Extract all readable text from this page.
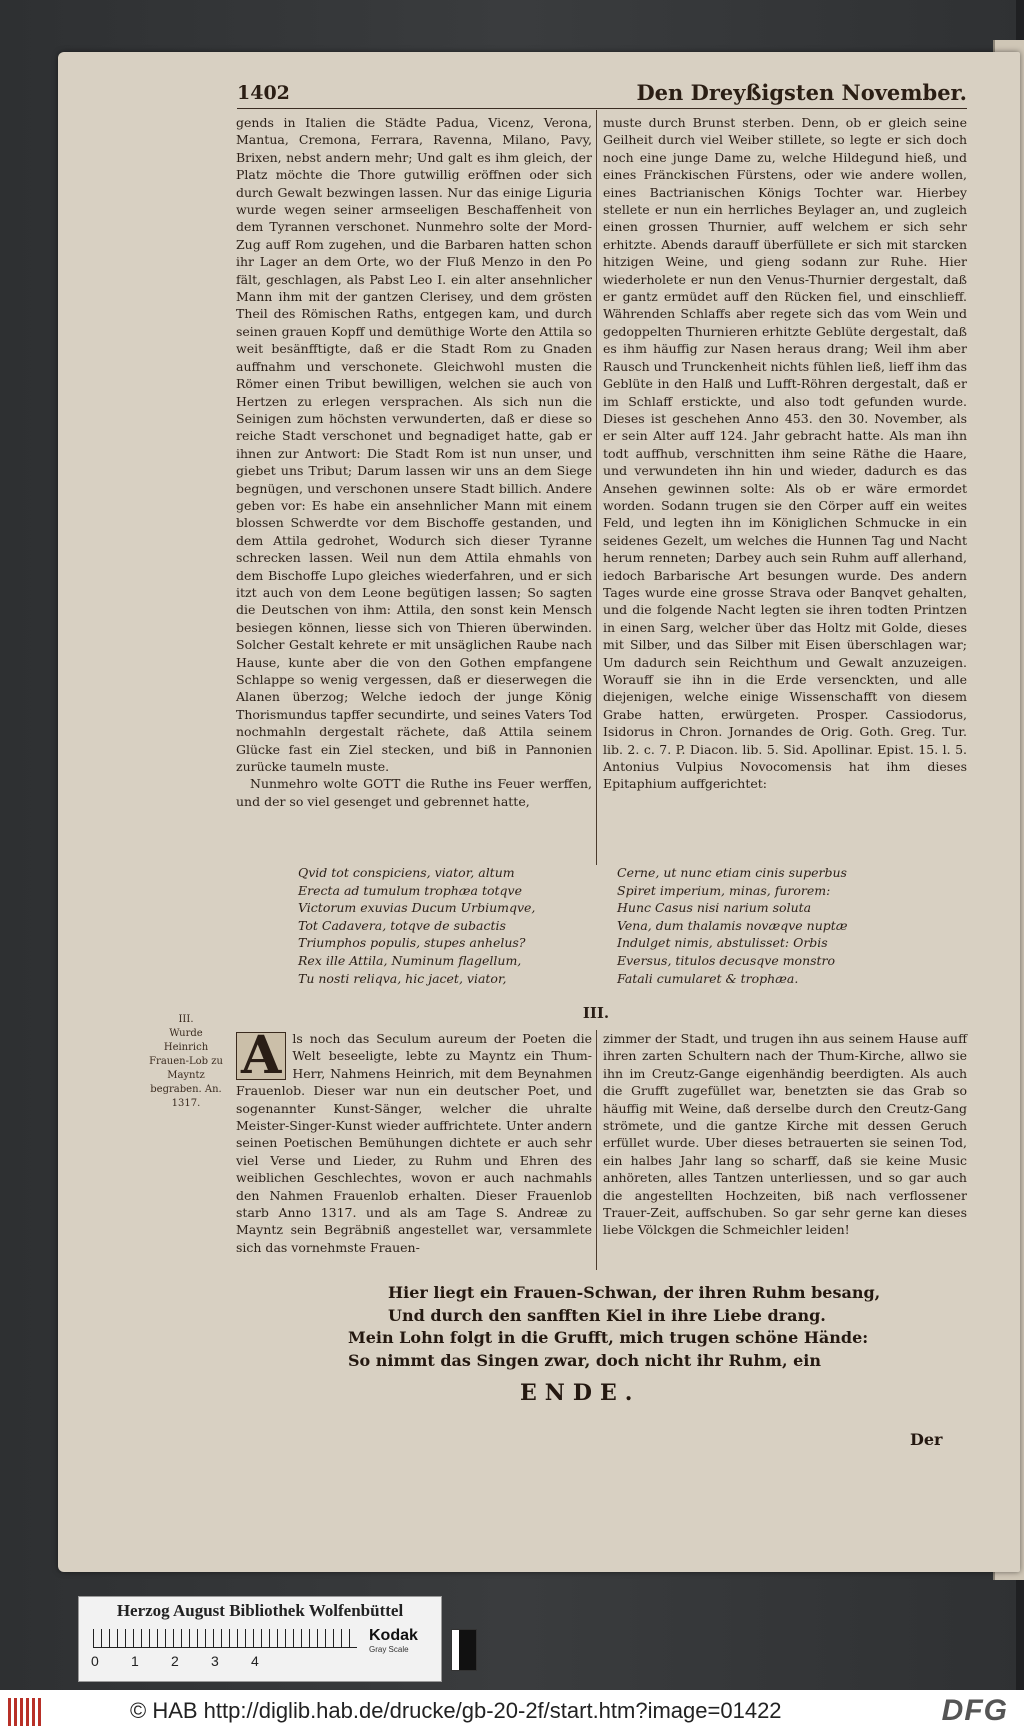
1402	Den Dreyßigsten November.

gends in Italien die Städte Padua, Vicenz, Verona, Mantua, Cremona, Ferrara, Ravenna, Milano, Pavy, Brixen, nebst andern mehr; Und galt es ihm gleich, der Platz möchte die Thore gutwillig eröffnen oder sich durch Gewalt bezwingen lassen. Nur das einige Liguria wurde wegen seiner armseeligen Beschaffenheit von dem Tyrannen verschonet. Nunmehro solte der Mord-Zug auff Rom zugehen, und die Barbaren hatten schon ihr Lager an dem Orte, wo der Fluß Menzo in den Po fält, geschlagen, als Pabst Leo I. ein alter ansehnlicher Mann ihm mit der gantzen Clerisey, und dem grösten Theil des Römischen Raths, entgegen kam, und durch seinen grauen Kopff und demüthige Worte den Attila so weit besänfftigte, daß er die Stadt Rom zu Gnaden auffnahm und verschonete. Gleichwohl musten die Römer einen Tribut bewilligen, welchen sie auch von Hertzen zu erlegen versprachen. Als sich nun die Seinigen zum höchsten verwunderten, daß er diese so reiche Stadt verschonet und begnadiget hatte, gab er ihnen zur Antwort: Die Stadt Rom ist nun unser, und giebet uns Tribut; Darum lassen wir uns an dem Siege begnügen, und verschonen unsere Stadt billich. Andere geben vor: Es habe ein ansehnlicher Mann mit einem blossen Schwerdte vor dem Bischoffe gestanden, und dem Attila gedrohet, Wodurch sich dieser Tyranne schrecken lassen. Weil nun dem Attila ehmahls von dem Bischoffe Lupo gleiches wiederfahren, und er sich itzt auch von dem Leone begütigen lassen; So sagten die Deutschen von ihm: Attila, den sonst kein Mensch besiegen können, liesse sich von Thieren überwinden. Solcher Gestalt kehrete er mit unsäglichen Raube nach Hause, kunte aber die von den Gothen empfangene Schlappe so wenig vergessen, daß er dieserwegen die Alanen überzog; Welche iedoch der junge König Thorismundus tapffer secundirte, und seines Vaters Tod nochmahln dergestalt rächete, daß Attila seinem Glücke fast ein Ziel stecken, und biß in Pannonien zurücke taumeln muste.

Nunmehro wolte GOTT die Ruthe ins Feuer werffen, und der so viel gesenget und gebrennet hatte,

muste durch Brunst sterben. Denn, ob er gleich seine Geilheit durch viel Weiber stillete, so legte er sich doch noch eine junge Dame zu, welche Hildegund hieß, und eines Fränckischen Fürstens, oder wie andere wollen, eines Bactrianischen Königs Tochter war. Hierbey stellete er nun ein herrliches Beylager an, und zugleich einen grossen Thurnier, auff welchem er sich sehr erhitzte. Abends darauff überfüllete er sich mit starcken hitzigen Weine, und gieng sodann zur Ruhe. Hier wiederholete er nun den Venus-Thurnier dergestalt, daß er gantz ermüdet auff den Rücken fiel, und einschlieff. Währenden Schlaffs aber regete sich das vom Wein und gedoppelten Thurnieren erhitzte Geblüte dergestalt, daß es ihm häuffig zur Nasen heraus drang; Weil ihm aber Rausch und Trunckenheit nichts fühlen ließ, lieff ihm das Geblüte in den Halß und Lufft-Röhren dergestalt, daß er im Schlaff erstickte, und also todt gefunden wurde. Dieses ist geschehen Anno 453. den 30. November, als er sein Alter auff 124. Jahr gebracht hatte. Als man ihn todt auffhub, verschnitten ihm seine Räthe die Haare, und verwundeten ihn hin und wieder, dadurch es das Ansehen gewinnen solte: Als ob er wäre ermordet worden. Sodann trugen sie den Cörper auff ein weites Feld, und legten ihn im Königlichen Schmucke in ein seidenes Gezelt, um welches die Hunnen Tag und Nacht herum renneten; Darbey auch sein Ruhm auff allerhand, iedoch Barbarische Art besungen wurde. Des andern Tages wurde eine grosse Strava oder Banqvet gehalten, und die folgende Nacht legten sie ihren todten Printzen in einen Sarg, welcher über das Holtz mit Golde, dieses mit Silber, und das Silber mit Eisen überschlagen war; Um dadurch sein Reichthum und Gewalt anzuzeigen. Worauff sie ihn in die Erde versenckten, und alle diejenigen, welche einige Wissenschafft von diesem Grabe hatten, erwürgeten. Prosper. Cassiodorus, Isidorus in Chron. Jornandes de Orig. Goth. Greg. Tur. lib. 2. c. 7. P. Diacon. lib. 5. Sid. Apollinar. Epist. 15. l. 5. Antonius Vulpius Novocomensis hat ihm dieses Epitaphium auffgerichtet:

Qvid tot conspiciens, viator, altum
Erecta ad tumulum trophæa totqve
Victorum exuvias Ducum Urbiumqve,
Tot Cadavera, totqve de subactis
Triumphos populis, stupes anhelus?
Rex ille Attila, Numinum flagellum,
Tu nosti reliqva, hic jacet, viator,
Cerne, ut nunc etiam cinis superbus
Spiret imperium, minas, furorem:
Hunc Casus nisi narium soluta
Vena, dum thalamis novæqve nuptæ
Indulget nimis, abstulisset: Orbis
Eversus, titulos decusqve monstro
Fatali cumularet & trophæa.
III.
III.
Wurde Heinrich Frauen-Lob zu Mayntz begraben. An. 1317.
A ls noch das Seculum aureum der Poeten die Welt beseeligte, lebte zu Mayntz ein Thum-Herr, Nahmens Heinrich, mit dem Beynahmen Frauenlob. Dieser war nun ein deutscher Poet, und sogenannter Kunst-Sänger, welcher die uhralte Meister-Singer-Kunst wieder auffrichtete. Unter andern seinen Poetischen Bemühungen dichtete er auch sehr viel Verse und Lieder, zu Ruhm und Ehren des weiblichen Geschlechtes, wovon er auch nachmahls den Nahmen Frauenlob erhalten. Dieser Frauenlob starb Anno 1317. und als am Tage S. Andreæ zu Mayntz sein Begräbniß angestellet war, versammlete sich das vornehmste Frauen-
zimmer der Stadt, und trugen ihn aus seinem Hause auff ihren zarten Schultern nach der Thum-Kirche, allwo sie ihn im Creutz-Gange eigenhändig beerdigten. Als auch die Grufft zugefüllet war, benetzten sie das Grab so häuffig mit Weine, daß derselbe durch den Creutz-Gang strömete, und die gantze Kirche mit dessen Geruch erfüllet wurde. Uber dieses betrauerten sie seinen Tod, ein halbes Jahr lang so scharff, daß sie keine Music anhöreten, alles Tantzen unterliessen, und so gar auch die angestellten Hochzeiten, biß nach verflossener Trauer-Zeit, auffschuben. So gar sehr gerne kan dieses liebe Völckgen die Schmeichler leiden!
Hier liegt ein Frauen-Schwan, der ihren Ruhm besang,
Und durch den sanfften Kiel in ihre Liebe drang.
Mein Lohn folgt in die Grufft, mich trugen schöne Hände:
So nimmt das Singen zwar, doch nicht ihr Ruhm, ein
ENDE.
Der
Herzog August Bibliothek Wolfenbüttel
0 1 2 3 4
Kodak
Gray Scale
© HAB http://diglib.hab.de/drucke/gb-20-2f/start.htm?image=01422	DFG
